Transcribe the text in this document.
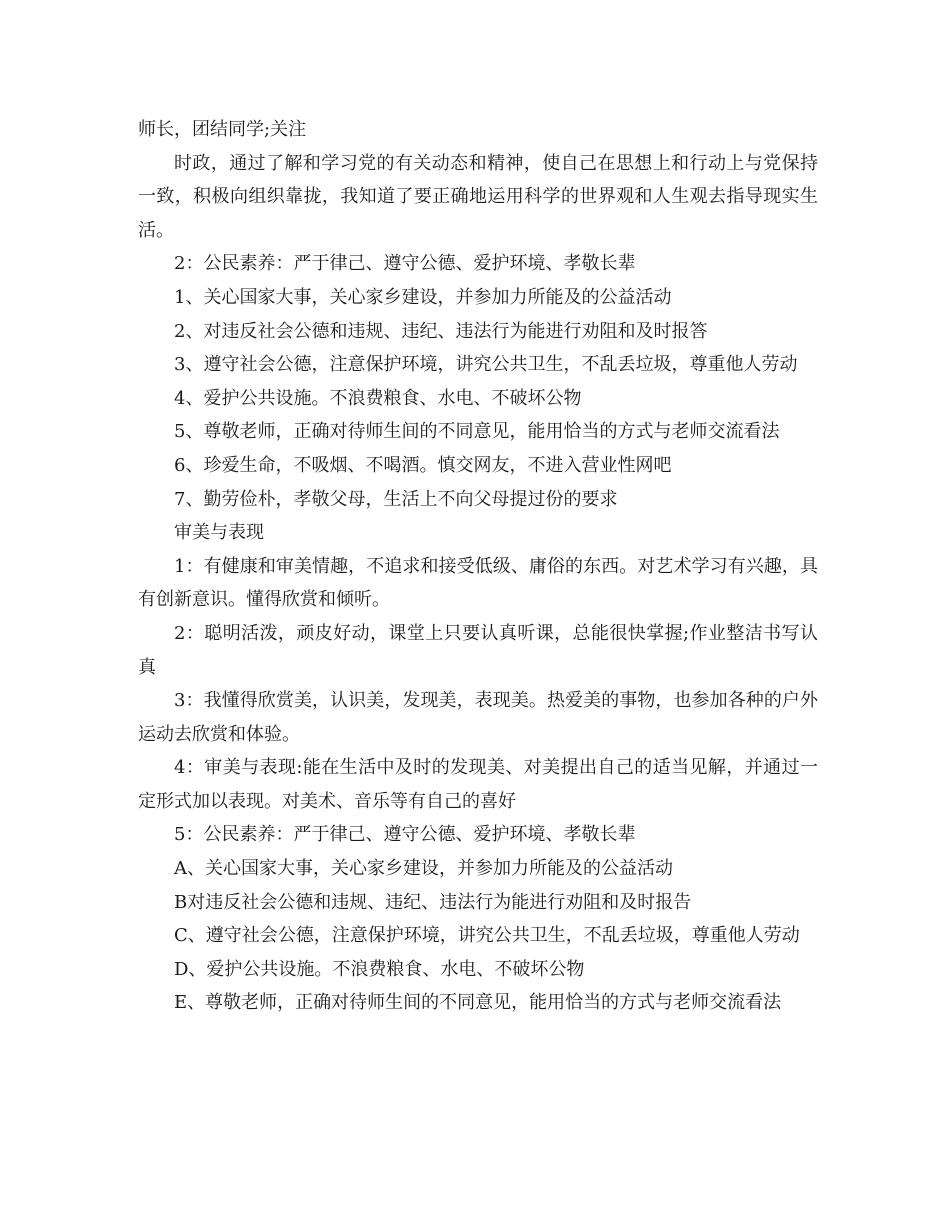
师长，团结同学;关注

时政，通过了解和学习党的有关动态和精神，使自己在思想上和行动上与党保持一致，积极向组织靠拢，我知道了要正确地运用科学的世界观和人生观去指导现实生活。

2：公民素养：严于律己、遵守公德、爱护环境、孝敬长辈

1、关心国家大事，关心家乡建设，并参加力所能及的公益活动

2、对违反社会公德和违规、违纪、违法行为能进行劝阻和及时报答

3、遵守社会公德，注意保护环境，讲究公共卫生，不乱丢垃圾，尊重他人劳动

4、爱护公共设施。不浪费粮食、水电、不破坏公物

5、尊敬老师，正确对待师生间的不同意见，能用恰当的方式与老师交流看法

6、珍爱生命，不吸烟、不喝酒。慎交网友，不进入营业性网吧

7、勤劳俭朴，孝敬父母，生活上不向父母提过份的要求

审美与表现

1：有健康和审美情趣，不追求和接受低级、庸俗的东西。对艺术学习有兴趣，具有创新意识。懂得欣赏和倾听。

2：聪明活泼，顽皮好动，课堂上只要认真听课，总能很快掌握;作业整洁书写认真

3：我懂得欣赏美，认识美，发现美，表现美。热爱美的事物，也参加各种的户外运动去欣赏和体验。

4：审美与表现:能在生活中及时的发现美、对美提出自己的适当见解，并通过一定形式加以表现。对美术、音乐等有自己的喜好

5：公民素养：严于律己、遵守公德、爱护环境、孝敬长辈

A、关心国家大事，关心家乡建设，并参加力所能及的公益活动

B对违反社会公德和违规、违纪、违法行为能进行劝阻和及时报告

C、遵守社会公德，注意保护环境，讲究公共卫生，不乱丢垃圾，尊重他人劳动

D、爱护公共设施。不浪费粮食、水电、不破坏公物

E、尊敬老师，正确对待师生间的不同意见，能用恰当的方式与老师交流看法
